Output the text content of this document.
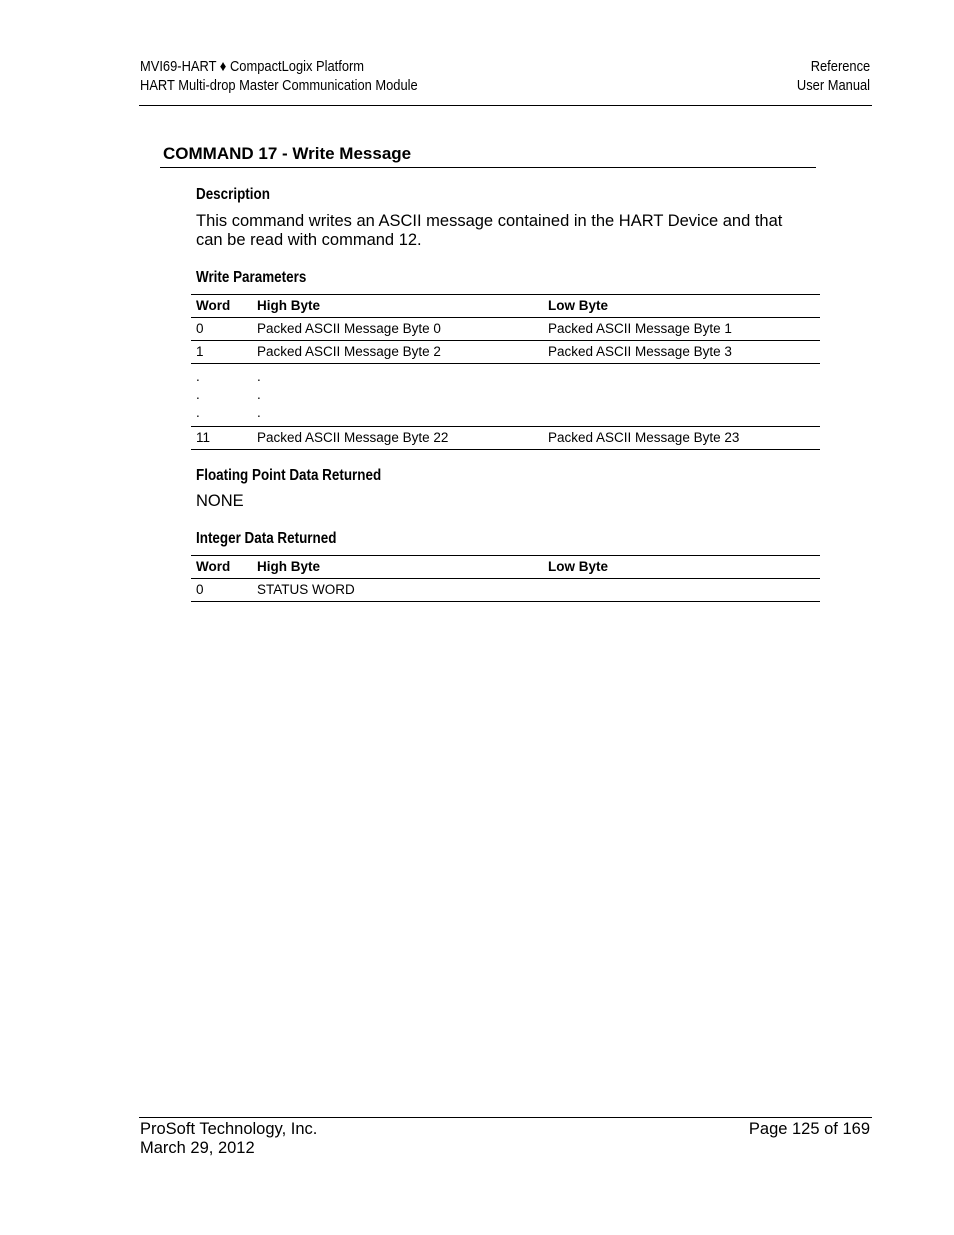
MVI69-HART ♦ CompactLogix Platform
HART Multi-drop Master Communication Module
Reference
User Manual
COMMAND 17 - Write Message
Description
This command writes an ASCII message contained in the HART Device and that
can be read with command 12.
Write Parameters
Word	High Byte	Low Byte
0	Packed ASCII Message Byte 0	Packed ASCII Message Byte 1
1	Packed ASCII Message Byte 2	Packed ASCII Message Byte 3
.	.	
.	.	
.	.	
11	Packed ASCII Message Byte 22	Packed ASCII Message Byte 23
Floating Point Data Returned
NONE
Integer Data Returned
Word	High Byte	Low Byte
0	STATUS WORD	
ProSoft Technology, Inc.
March 29, 2012
Page 125 of 169
